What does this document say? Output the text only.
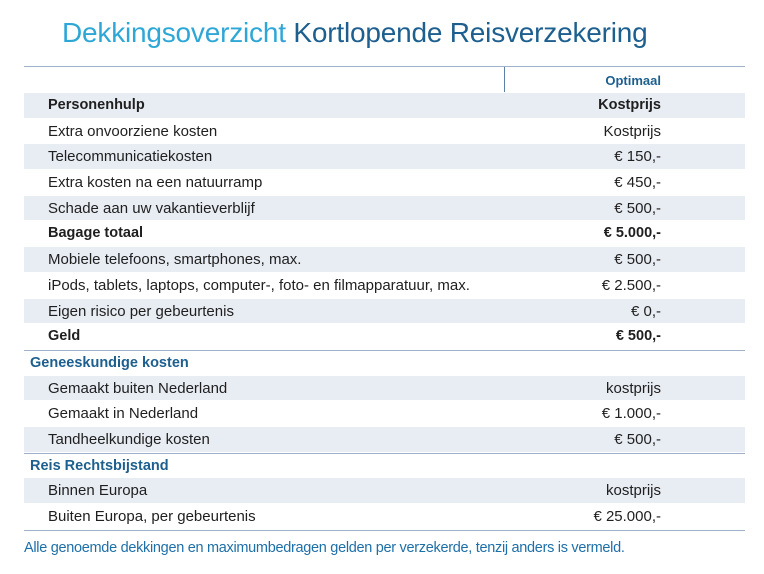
Dekkingsoverzicht Kortlopende Reisverzekering
Optimaal
Personenhulp	Kostprijs
Extra onvoorziene kosten	Kostprijs
Telecommunicatiekosten	€ 150,-
Extra kosten na een natuurramp	€ 450,-
Schade aan uw vakantieverblijf	€ 500,-
Bagage totaal	€ 5.000,-
Mobiele telefoons, smartphones, max.	€ 500,-
iPods, tablets, laptops, computer-, foto- en filmapparatuur, max.	€ 2.500,-
Eigen risico per gebeurtenis	€ 0,-
Geld	€ 500,-
Geneeskundige kosten
Gemaakt buiten Nederland	kostprijs
Gemaakt in Nederland	€ 1.000,-
Tandheelkundige kosten	€ 500,-
Reis Rechtsbijstand
Binnen Europa	kostprijs
Buiten Europa, per gebeurtenis	€ 25.000,-
Alle genoemde dekkingen en maximumbedragen gelden per verzekerde, tenzij anders is vermeld.
